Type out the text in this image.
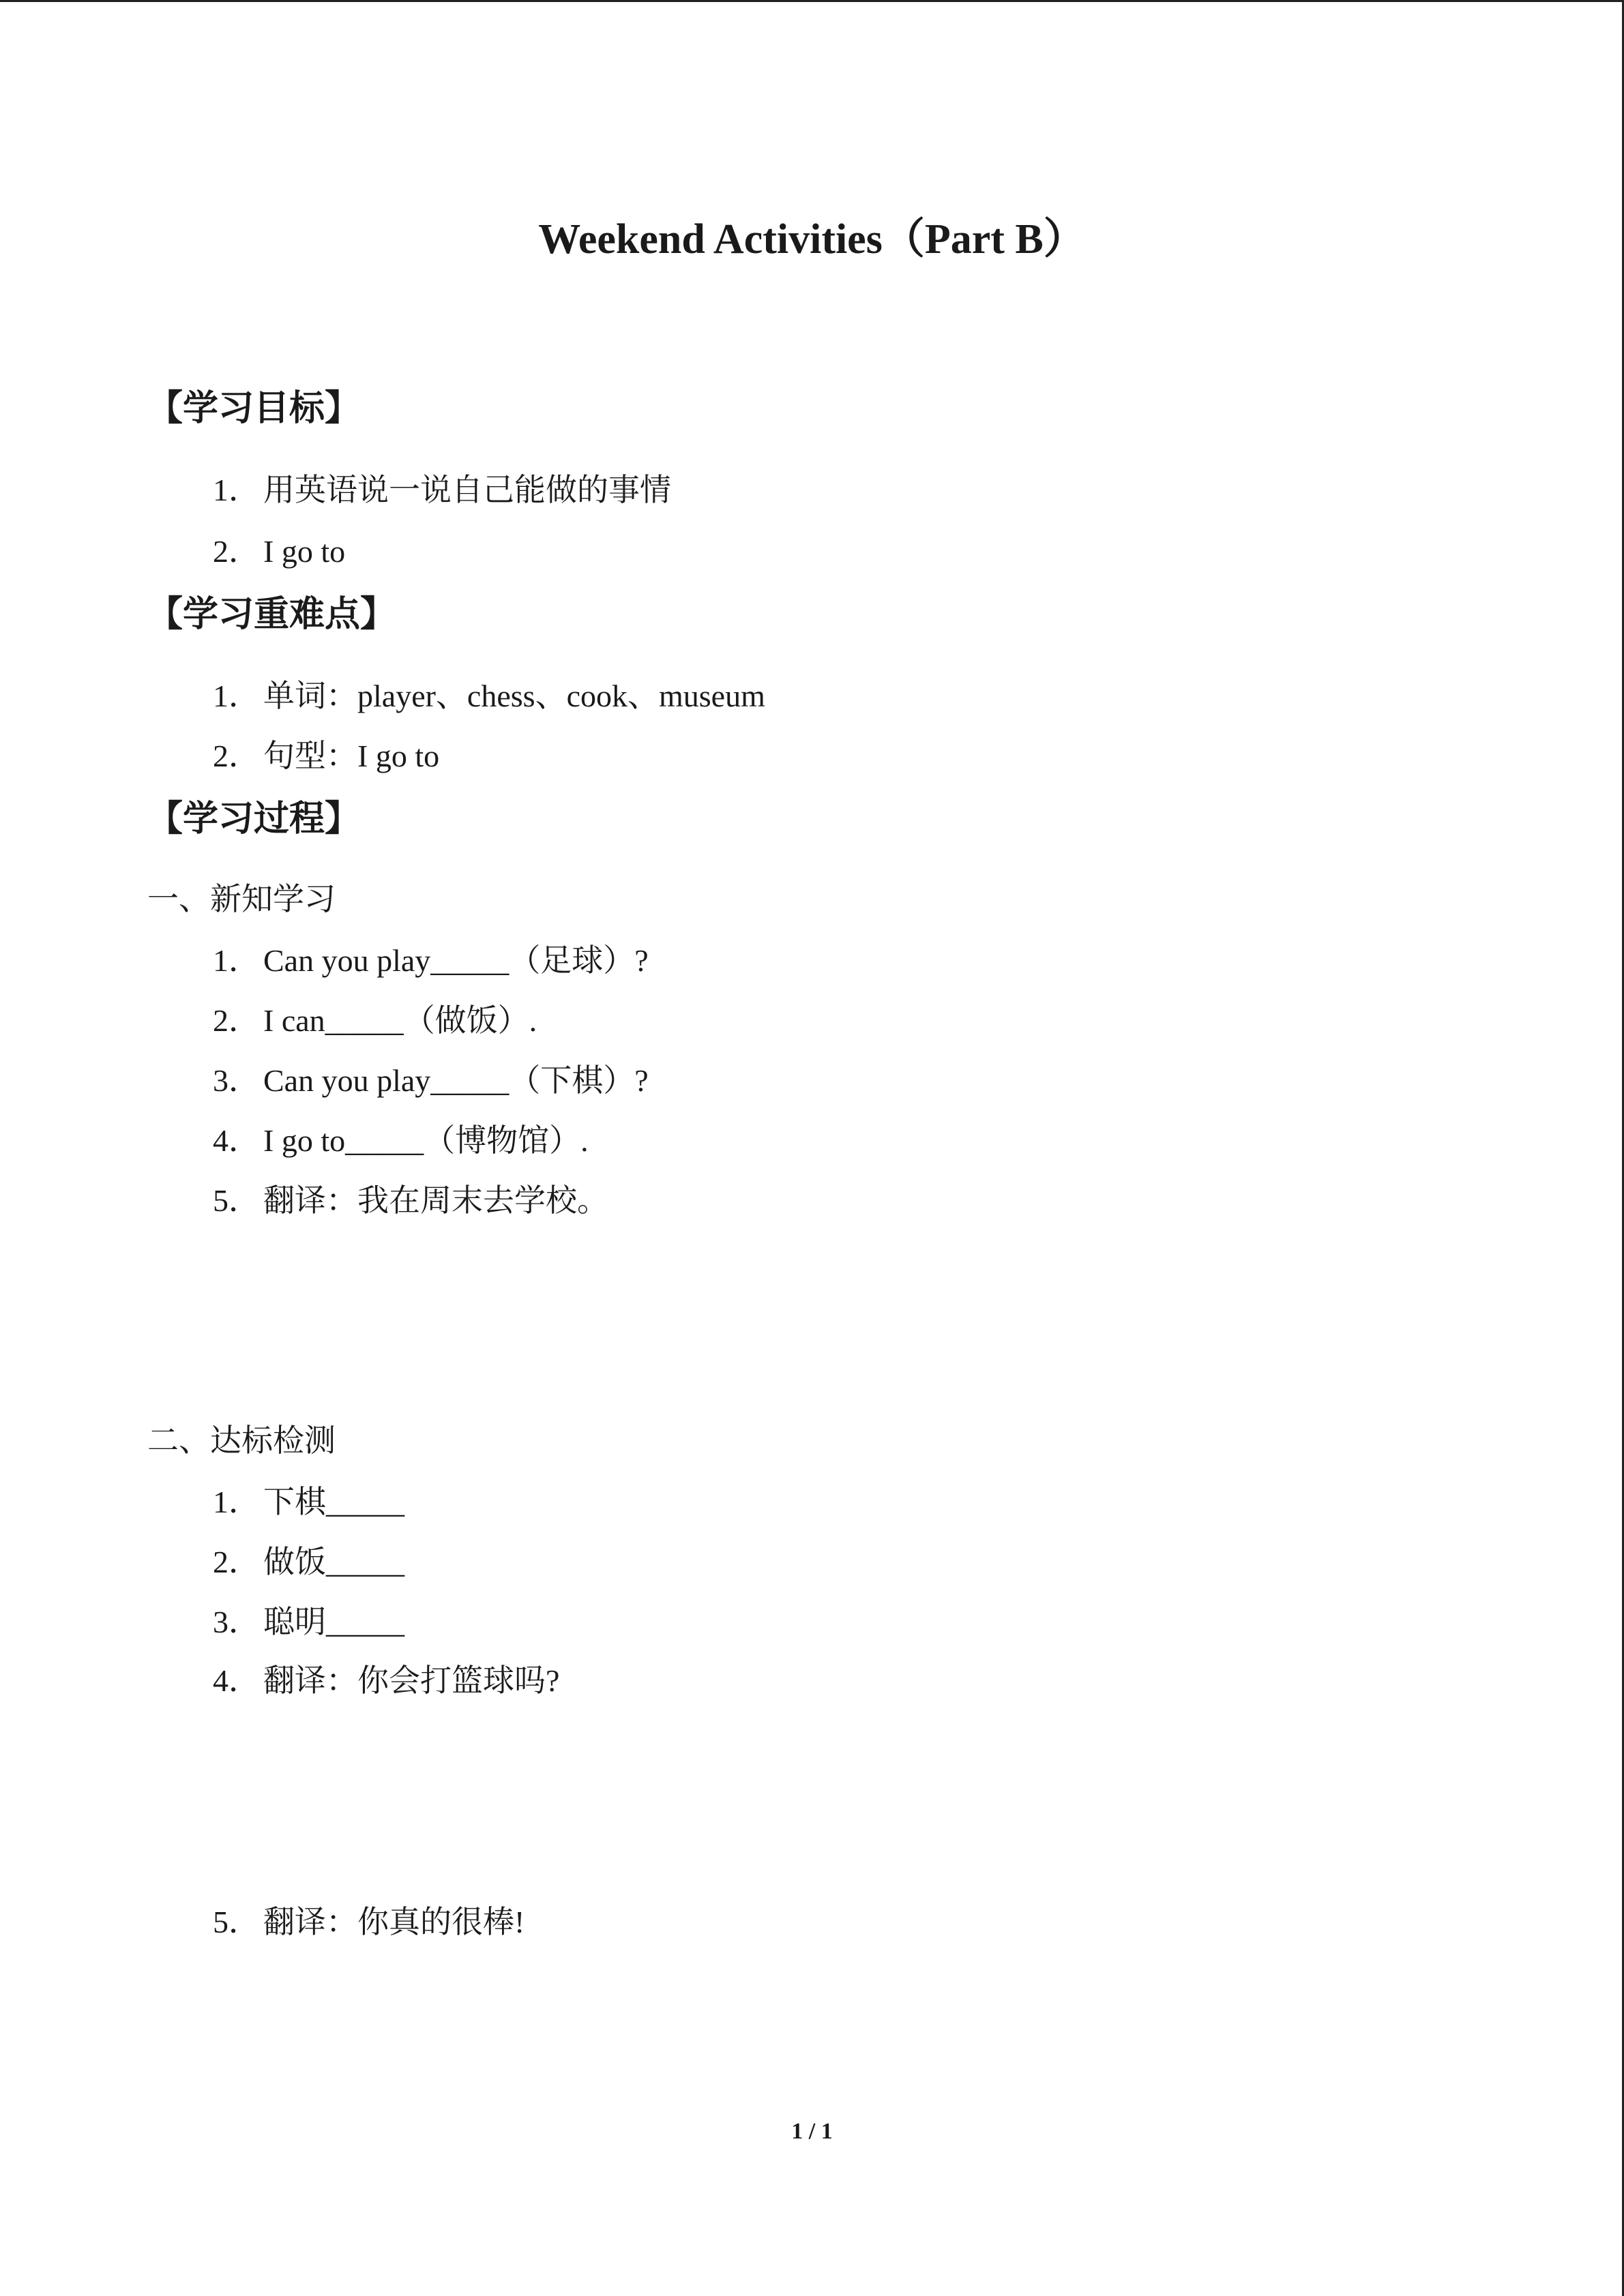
Weekend Activities（Part B）
【学习目标】

1． 用英语说一说自己能做的事情

2． I go to

【学习重难点】

1． 单词：player、chess、cook、museum

2． 句型：I go to

【学习过程】

一、新知学习

1． Can you play_____（足球）?

2． I can_____（做饭）.

3． Can you play_____（下棋）?

4． I go to_____（博物馆）.

5． 翻译：我在周末去学校。

二、达标检测

1． 下棋_____

2． 做饭_____

3． 聪明_____

4． 翻译：你会打篮球吗?

5． 翻译：你真的很棒!

1 / 1
